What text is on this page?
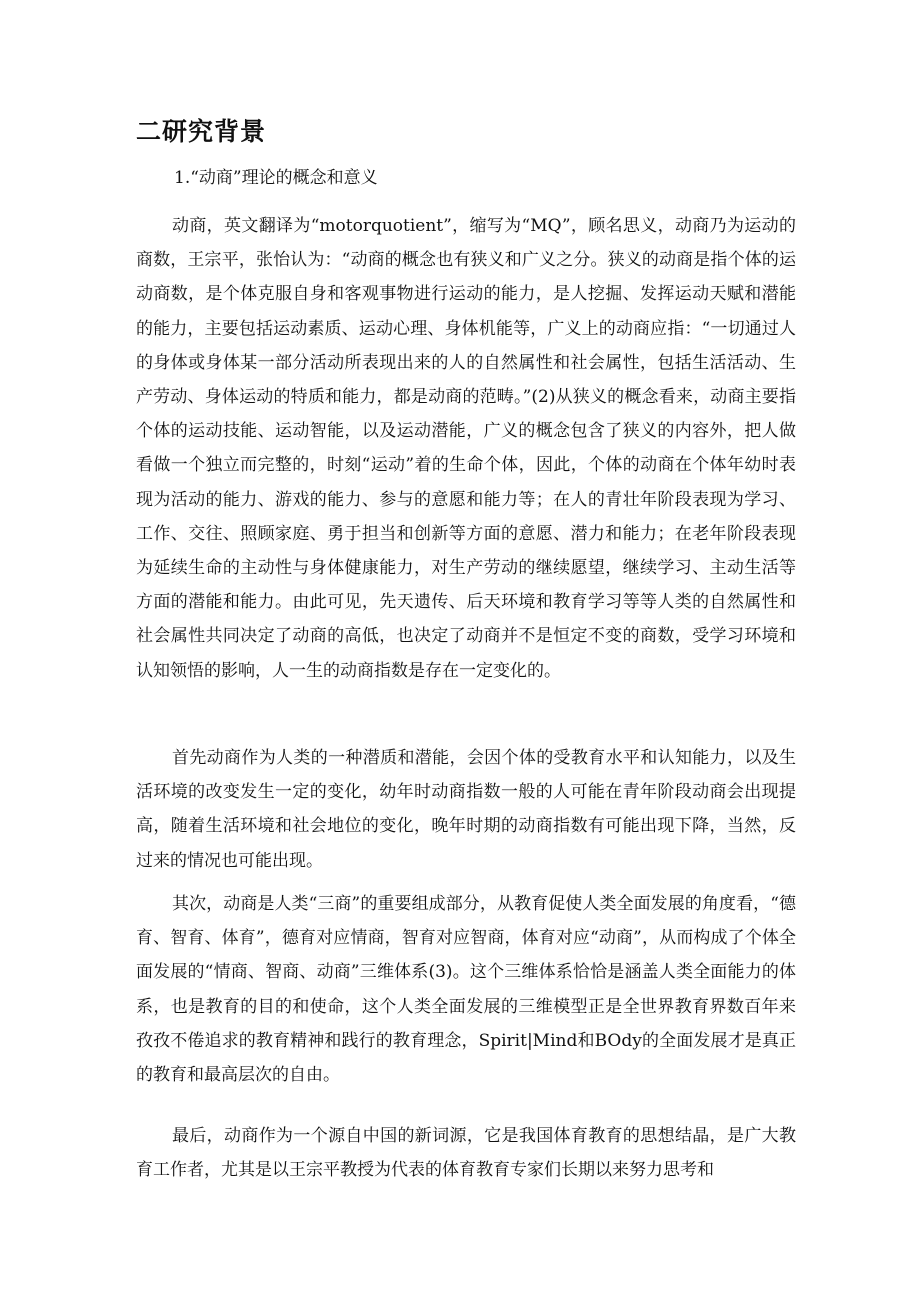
二研究背景

1.“动商”理论的概念和意义

动商，英文翻译为“motorquotient”，缩写为“MQ”，顾名思义，动商乃为运动的商数，王宗平，张怡认为：“动商的概念也有狭义和广义之分。狭义的动商是指个体的运动商数，是个体克服自身和客观事物进行运动的能力，是人挖掘、发挥运动天赋和潜能的能力，主要包括运动素质、运动心理、身体机能等，广义上的动商应指：“一切通过人的身体或身体某一部分活动所表现出来的人的自然属性和社会属性，包括生活活动、生产劳动、身体运动的特质和能力，都是动商的范畴。”(2)从狭义的概念看来，动商主要指个体的运动技能、运动智能，以及运动潜能，广义的概念包含了狭义的内容外，把人做看做一个独立而完整的，时刻“运动”着的生命个体，因此，个体的动商在个体年幼时表现为活动的能力、游戏的能力、参与的意愿和能力等；在人的青壮年阶段表现为学习、工作、交往、照顾家庭、勇于担当和创新等方面的意愿、潜力和能力；在老年阶段表现为延续生命的主动性与身体健康能力，对生产劳动的继续愿望，继续学习、主动生活等方面的潜能和能力。由此可见，先天遗传、后天环境和教育学习等等人类的自然属性和社会属性共同决定了动商的高低，也决定了动商并不是恒定不变的商数，受学习环境和认知领悟的影响，人一生的动商指数是存在一定变化的。

首先动商作为人类的一种潜质和潜能，会因个体的受教育水平和认知能力，以及生活环境的改变发生一定的变化，幼年时动商指数一般的人可能在青年阶段动商会出现提高，随着生活环境和社会地位的变化，晚年时期的动商指数有可能出现下降，当然，反过来的情况也可能出现。

其次，动商是人类“三商”的重要组成部分，从教育促使人类全面发展的角度看，“德育、智育、体育”，德育对应情商，智育对应智商，体育对应“动商”，从而构成了个体全面发展的“情商、智商、动商”三维体系(3)。这个三维体系恰恰是涵盖人类全面能力的体系，也是教育的目的和使命，这个人类全面发展的三维模型正是全世界教育界数百年来孜孜不倦追求的教育精神和践行的教育理念，Spirit|Mind和BOdy的全面发展才是真正的教育和最高层次的自由。

最后，动商作为一个源自中国的新词源，它是我国体育教育的思想结晶，是广大教育工作者，尤其是以王宗平教授为代表的体育教育专家们长期以来努力思考和
